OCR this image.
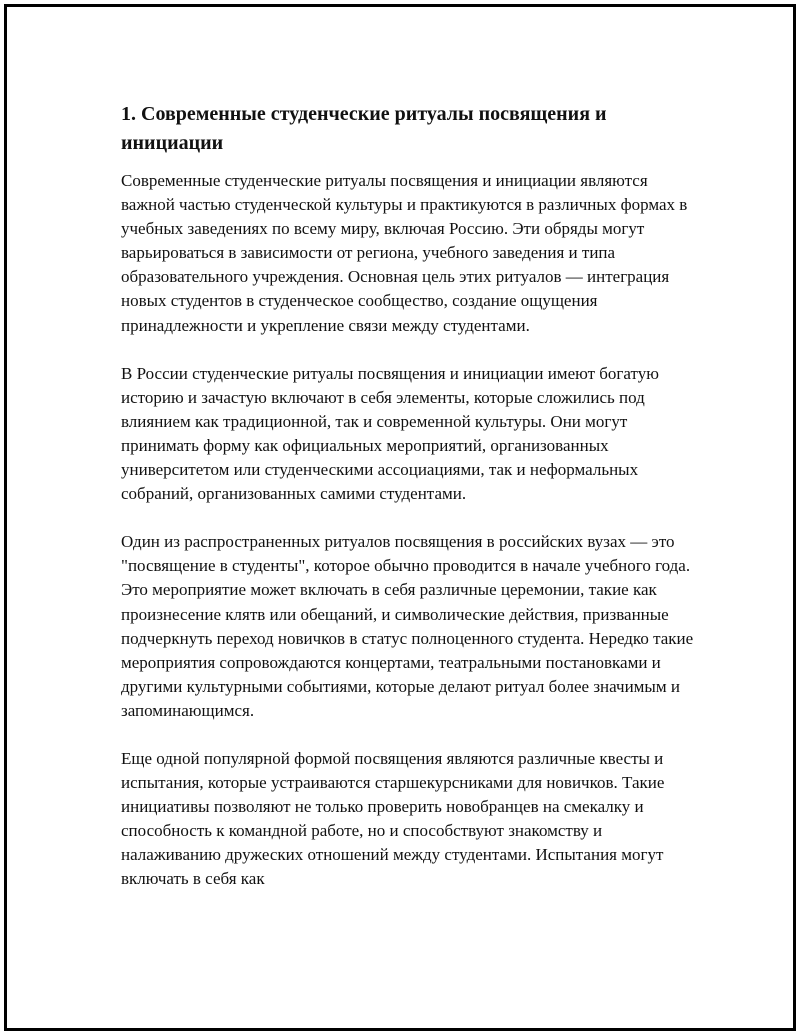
1. Современные студенческие ритуалы посвящения и инициации

Современные студенческие ритуалы посвящения и инициации являются важной частью студенческой культуры и практикуются в различных формах в учебных заведениях по всему миру, включая Россию. Эти обряды могут варьироваться в зависимости от региона, учебного заведения и типа образовательного учреждения. Основная цель этих ритуалов — интеграция новых студентов в студенческое сообщество, создание ощущения принадлежности и укрепление связи между студентами.

В России студенческие ритуалы посвящения и инициации имеют богатую историю и зачастую включают в себя элементы, которые сложились под влиянием как традиционной, так и современной культуры. Они могут принимать форму как официальных мероприятий, организованных университетом или студенческими ассоциациями, так и неформальных собраний, организованных самими студентами.

Один из распространенных ритуалов посвящения в российских вузах — это "посвящение в студенты", которое обычно проводится в начале учебного года. Это мероприятие может включать в себя различные церемонии, такие как произнесение клятв или обещаний, и символические действия, призванные подчеркнуть переход новичков в статус полноценного студента. Нередко такие мероприятия сопровождаются концертами, театральными постановками и другими культурными событиями, которые делают ритуал более значимым и запоминающимся.

Еще одной популярной формой посвящения являются различные квесты и испытания, которые устраиваются старшекурсниками для новичков. Такие инициативы позволяют не только проверить новобранцев на смекалку и способность к командной работе, но и способствуют знакомству и налаживанию дружеских отношений между студентами. Испытания могут включать в себя как
